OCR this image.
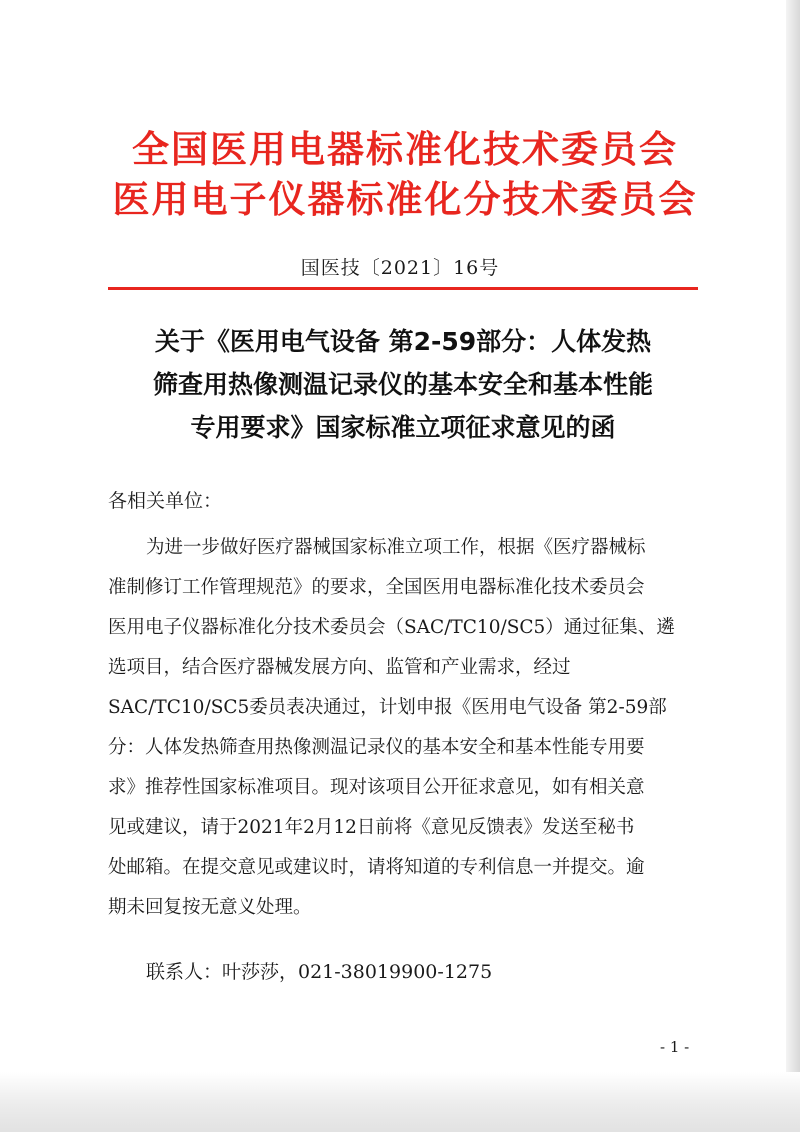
全国医用电器标准化技术委员会
医用电子仪器标准化分技术委员会
国医技〔2021〕16号
关于《医用电气设备 第2-59部分：人体发热
筛查用热像测温记录仪的基本安全和基本性能
专用要求》国家标准立项征求意见的函
各相关单位：
为进一步做好医疗器械国家标准立项工作，根据《医疗器械标
准制修订工作管理规范》的要求，全国医用电器标准化技术委员会
医用电子仪器标准化分技术委员会（SAC/TC10/SC5）通过征集、遴
选项目，结合医疗器械发展方向、监管和产业需求，经过
SAC/TC10/SC5委员表决通过，计划申报《医用电气设备 第2-59部
分：人体发热筛查用热像测温记录仪的基本安全和基本性能专用要
求》推荐性国家标准项目。现对该项目公开征求意见，如有相关意
见或建议，请于2021年2月12日前将《意见反馈表》发送至秘书
处邮箱。在提交意见或建议时，请将知道的专利信息一并提交。逾
期未回复按无意义处理。
联系人：叶莎莎，021-38019900-1275
- 1 -
